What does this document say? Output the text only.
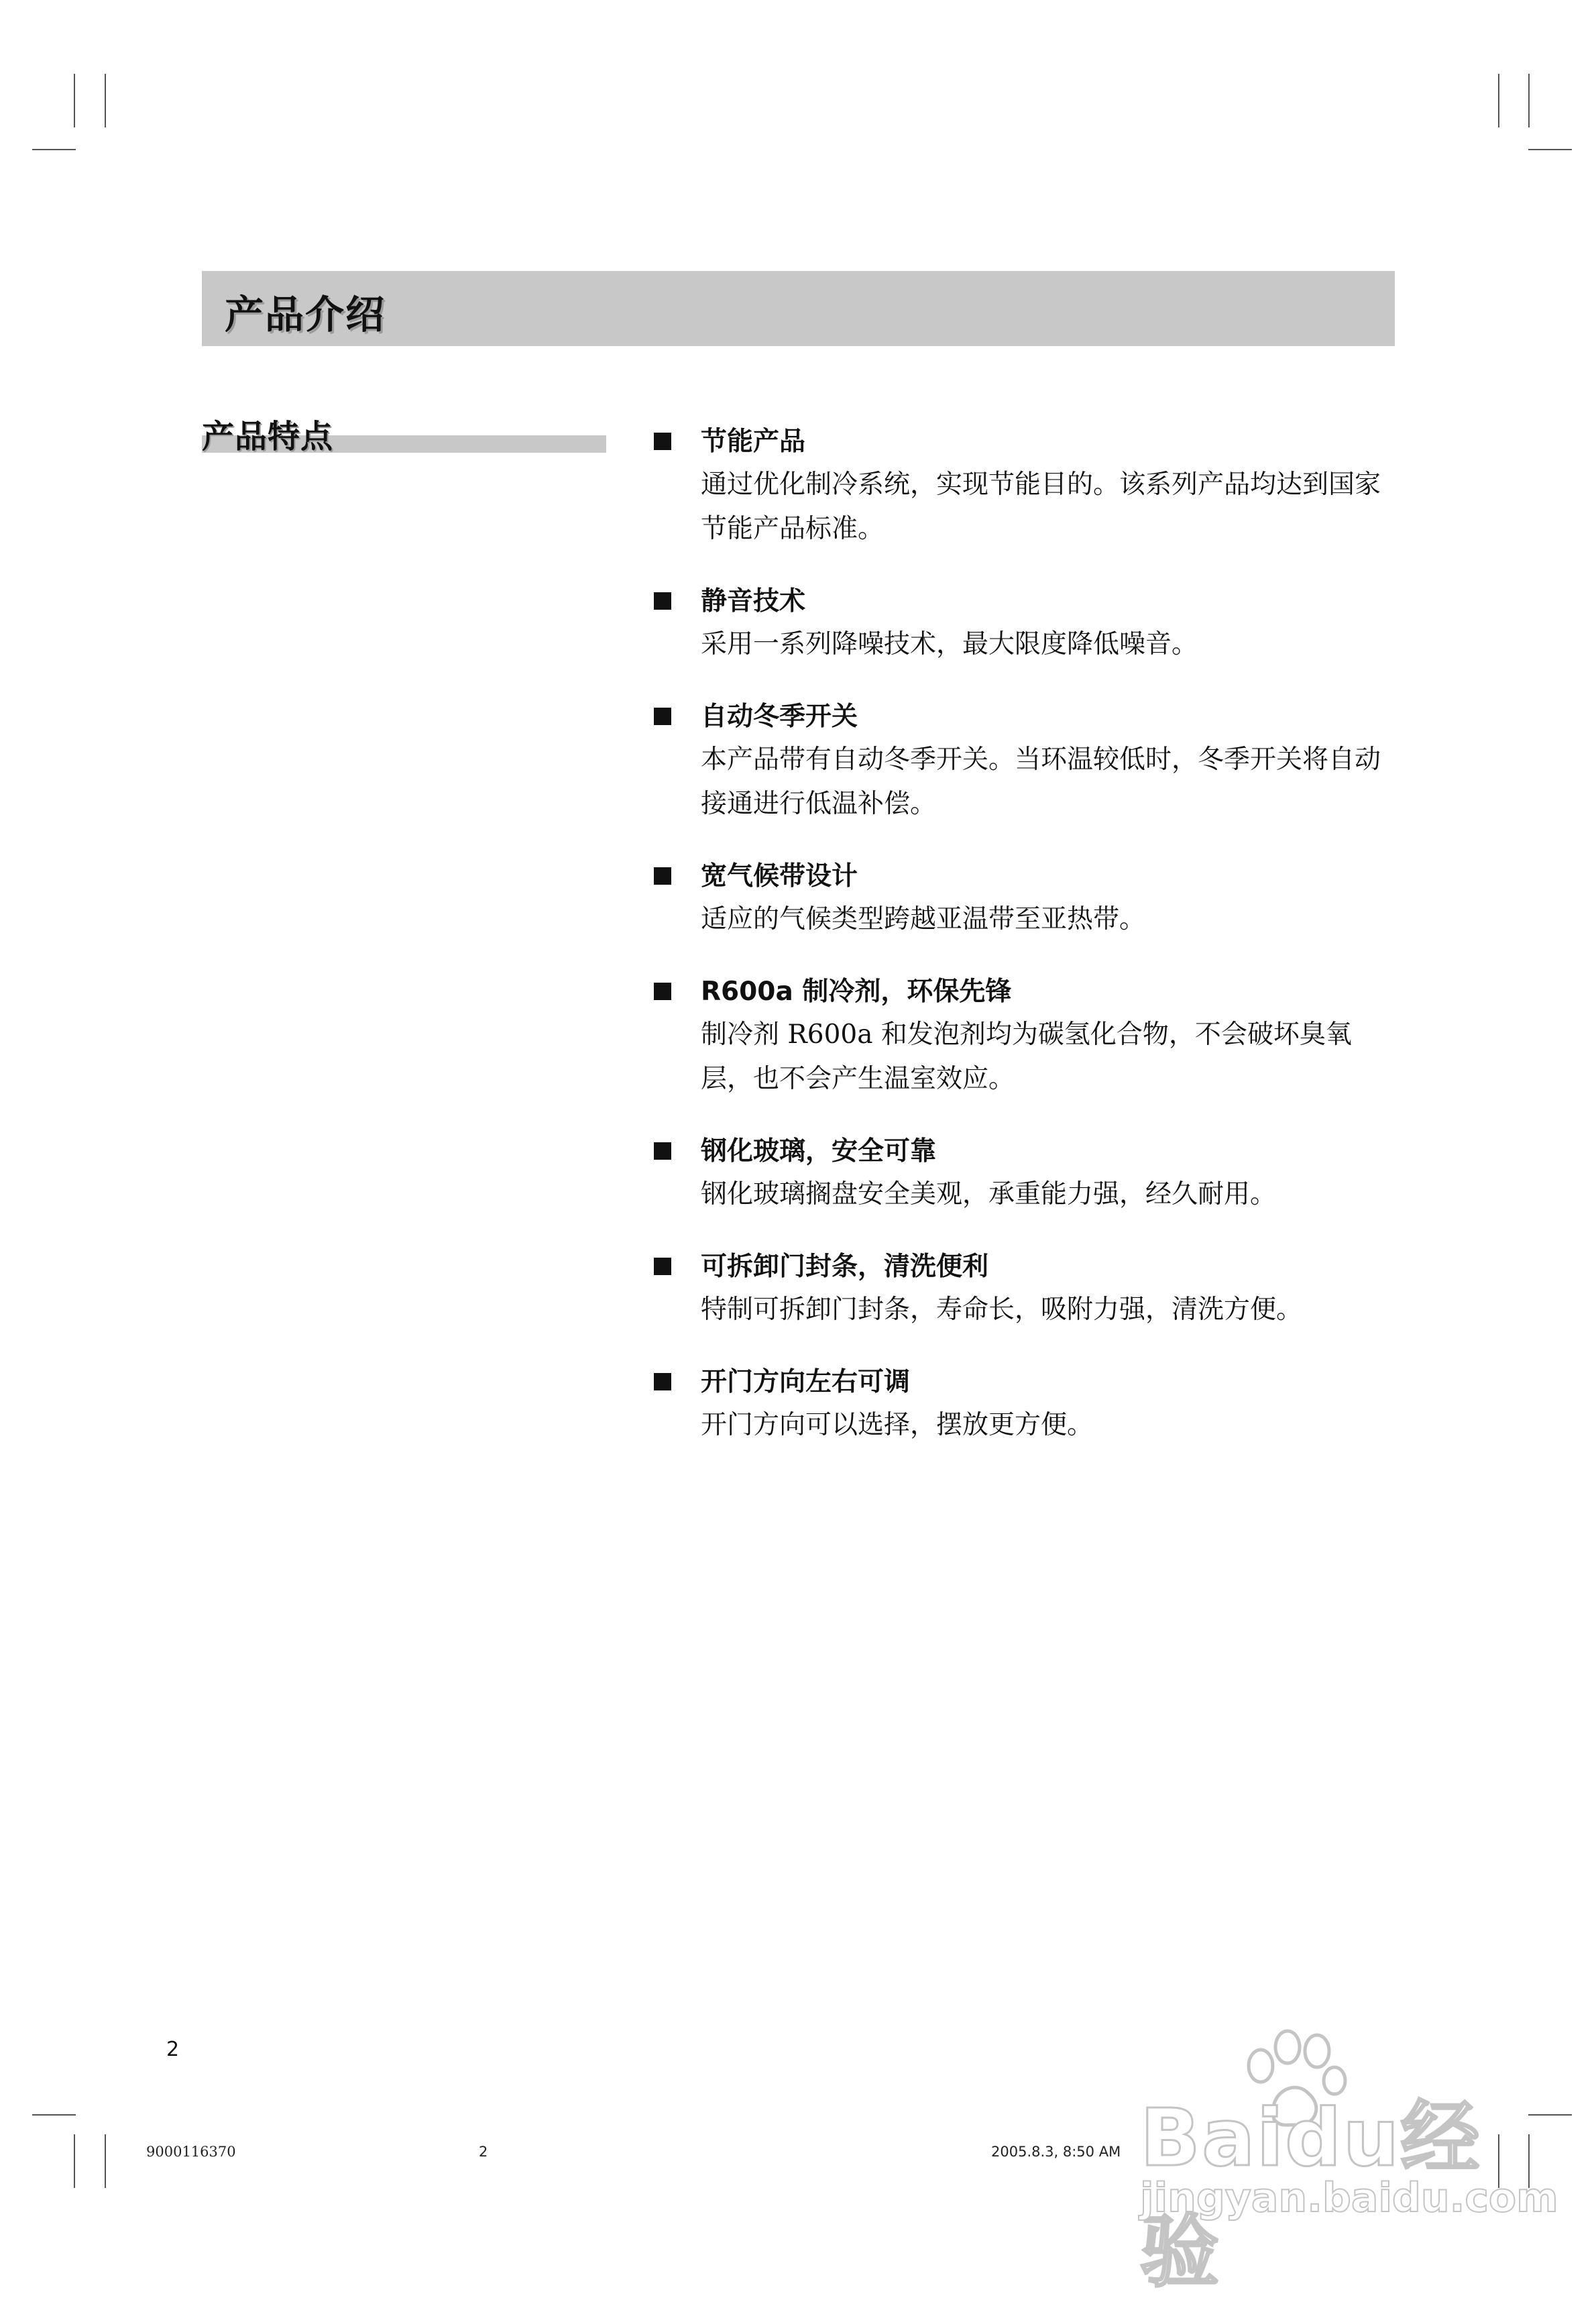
产品介绍
产品特点	节能产品
通过优化制冷系统，实现节能目的。该系列产品均达到国家节能产品标准。
静音技术
采用一系列降噪技术，最大限度降低噪音。
自动冬季开关
本产品带有自动冬季开关。当环温较低时，冬季开关将自动接通进行低温补偿。
宽气候带设计
适应的气候类型跨越亚温带至亚热带。
R600a 制冷剂，环保先锋
制冷剂 R600a 和发泡剂均为碳氢化合物，不会破坏臭氧层，也不会产生温室效应。
钢化玻璃，安全可靠
钢化玻璃搁盘安全美观，承重能力强，经久耐用。
可拆卸门封条，清洗便利
特制可拆卸门封条，寿命长，吸附力强，清洗方便。
开门方向左右可调
开门方向可以选择，摆放更方便。
2
9000116370	2	2005.8.3, 8:50 AM Baidu经验
jingyan.baidu.com
